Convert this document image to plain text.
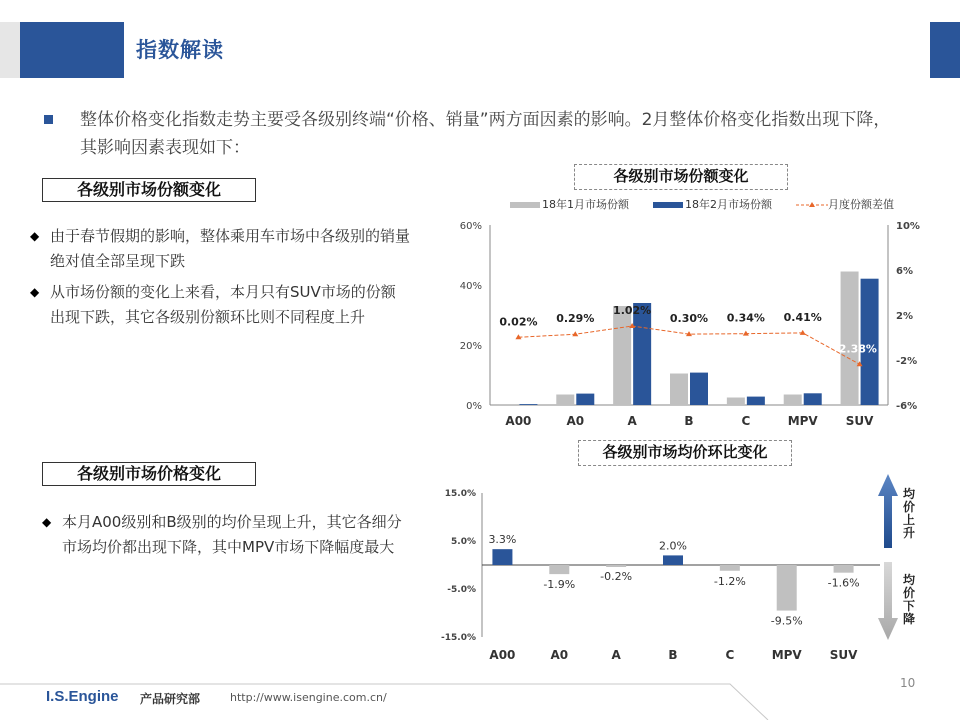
指数解读
整体价格变化指数走势主要受各级别终端“价格、销量”两方面因素的影响。2月整体价格变化指数出现下降，其影响因素表现如下：
各级别市场份额变化
◆ 由于春节假期的影响，整体乘用车市场中各级别的销量绝对值全部呈现下跌
◆ 从市场份额的变化上来看，本月只有SUV市场的份额出现下跌，其它各级别份额环比则不同程度上升
各级别市场价格变化
◆ 本月A00级别和B级别的均价呈现上升，其它各细分市场均价都出现下降，其中MPV市场下降幅度最大
各级别市场份额变化
18年1月市场份额	18年2月市场份额	月度份额差值
0%
20%
40%
60%
-6%
-2%
2%
6%
10%
A00	A0	A	B	C	MPV SUV
0.02% 0.29%
1.02%
0.30% 0.34% 0.41%
-2.38%
各级别市场均价环比变化
-15.0%
-5.0%
5.0%
15.0%
3.3%
A00
-1.9%
A0
-0.2%
A
2.0%
B
-1.2%
C
-9.5%
MPV
-1.6%
SUV
均价上升
均价下降
I.S.Engine 产品研究部	http://www.isengine.com.cn/
10
